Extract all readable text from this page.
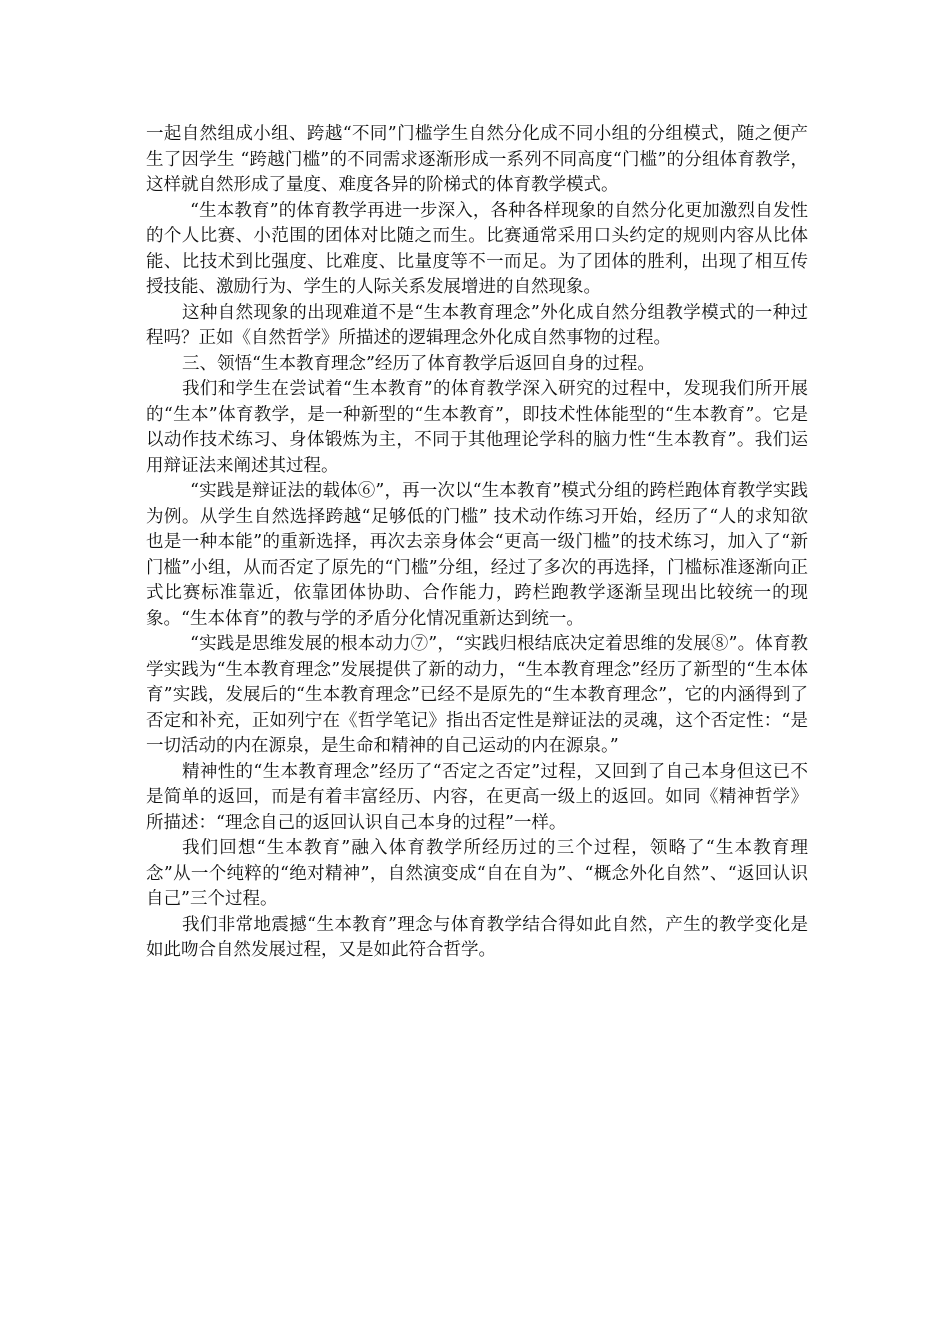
一起自然组成小组、跨越“不同”门槛学生自然分化成不同小组的分组模式，随之便产生了因学生 “跨越门槛”的不同需求逐渐形成一系列不同高度“门槛”的分组体育教学，这样就自然形成了量度、难度各异的阶梯式的体育教学模式。

“生本教育”的体育教学再进一步深入，各种各样现象的自然分化更加激烈自发性的个人比赛、小范围的团体对比随之而生。比赛通常采用口头约定的规则内容从比体能、比技术到比强度、比难度、比量度等不一而足。为了团体的胜利，出现了相互传授技能、激励行为、学生的人际关系发展增进的自然现象。

这种自然现象的出现难道不是“生本教育理念”外化成自然分组教学模式的一种过程吗？正如《自然哲学》所描述的逻辑理念外化成自然事物的过程。

三、领悟“生本教育理念”经历了体育教学后返回自身的过程。

我们和学生在尝试着“生本教育”的体育教学深入研究的过程中，发现我们所开展的“生本”体育教学，是一种新型的“生本教育”，即技术性体能型的“生本教育”。它是以动作技术练习、身体锻炼为主，不同于其他理论学科的脑力性“生本教育”。我们运用辩证法来阐述其过程。

“实践是辩证法的载体⑥”，再一次以“生本教育”模式分组的跨栏跑体育教学实践为例。从学生自然选择跨越“足够低的门槛” 技术动作练习开始，经历了“人的求知欲也是一种本能”的重新选择，再次去亲身体会“更高一级门槛”的技术练习，加入了“新门槛”小组，从而否定了原先的“门槛”分组，经过了多次的再选择，门槛标准逐渐向正式比赛标准靠近，依靠团体协助、合作能力，跨栏跑教学逐渐呈现出比较统一的现象。“生本体育”的教与学的矛盾分化情况重新达到统一。

“实践是思维发展的根本动力⑦”，“实践归根结底决定着思维的发展⑧”。体育教学实践为“生本教育理念”发展提供了新的动力，“生本教育理念”经历了新型的“生本体育”实践，发展后的“生本教育理念”已经不是原先的“生本教育理念”，它的内涵得到了否定和补充，正如列宁在《哲学笔记》指出否定性是辩证法的灵魂，这个否定性：“是一切活动的内在源泉，是生命和精神的自己运动的内在源泉。”

精神性的“生本教育理念”经历了“否定之否定”过程，又回到了自己本身但这已不是简单的返回，而是有着丰富经历、内容，在更高一级上的返回。如同《精神哲学》所描述：“理念自己的返回认识自己本身的过程”一样。

我们回想“生本教育”融入体育教学所经历过的三个过程，领略了“生本教育理念”从一个纯粹的“绝对精神”，自然演变成“自在自为”、“概念外化自然”、“返回认识自己”三个过程。

我们非常地震撼“生本教育”理念与体育教学结合得如此自然，产生的教学变化是如此吻合自然发展过程，又是如此符合哲学。
